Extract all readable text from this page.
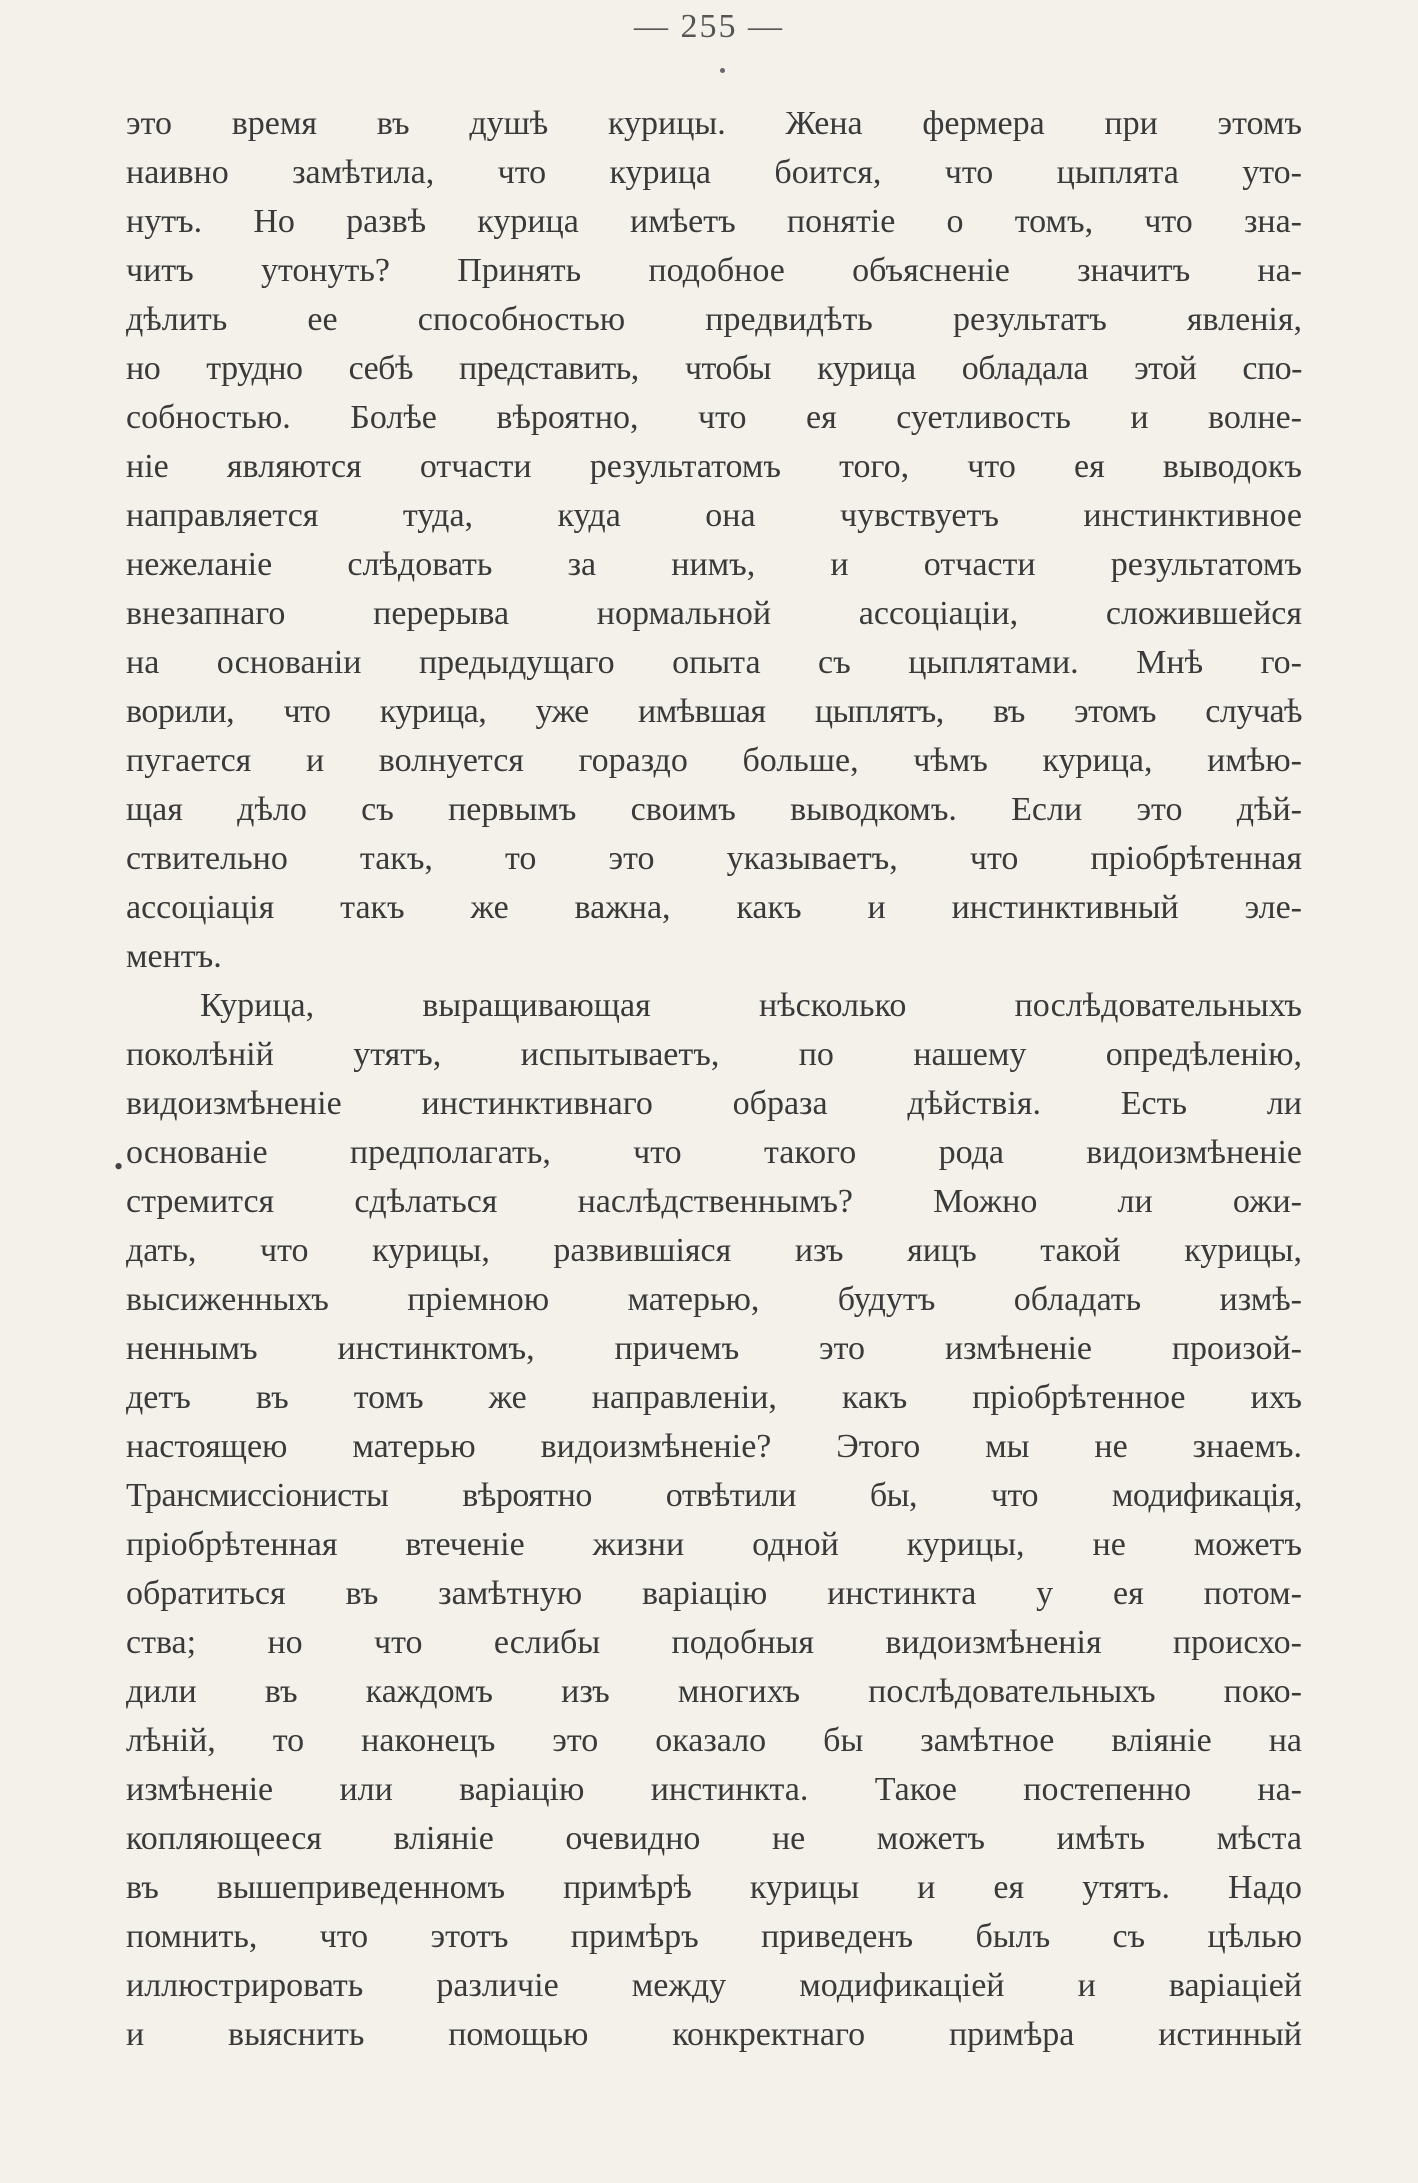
— 255 —
это время въ душѣ курицы. Жена фермера при этомъ
наивно замѣтила, что курица боится, что цыплята уто-
нутъ. Но развѣ курица имѣетъ понятіе о томъ, что зна-
читъ утонуть? Принять подобное объясненіе значитъ на-
дѣлить ее способностью предвидѣть результатъ явленія,
но трудно себѣ представить, чтобы курица обладала этой спо-
собностью. Болѣе вѣроятно, что ея суетливость и волне-
ніе являются отчасти результатомъ того, что ея выводокъ
направляется туда, куда она чувствуетъ инстинктивное
нежеланіе слѣдовать за нимъ, и отчасти результатомъ
внезапнаго перерыва нормальной ассоціаціи, сложившейся
на основаніи предыдущаго опыта съ цыплятами. Мнѣ го-
ворили, что курица, уже имѣвшая цыплятъ, въ этомъ случаѣ
пугается и волнуется гораздо больше, чѣмъ курица, имѣю-
щая дѣло съ первымъ своимъ выводкомъ. Если это дѣй-
ствительно такъ, то это указываетъ, что пріобрѣтенная
ассоціація такъ же важна, какъ и инстинктивный эле-
ментъ.
Курица, выращивающая нѣсколько послѣдовательныхъ
поколѣній утятъ, испытываетъ, по нашему опредѣленію,
видоизмѣненіе инстинктивнаго образа дѣйствія. Есть ли
основаніе предполагать, что такого рода видоизмѣненіе
стремится сдѣлаться наслѣдственнымъ? Можно ли ожи-
дать, что курицы, развившіяся изъ яицъ такой курицы,
высиженныхъ пріемною матерью, будутъ обладать измѣ-
неннымъ инстинктомъ, причемъ это измѣненіе произой-
детъ въ томъ же направленіи, какъ пріобрѣтенное ихъ
настоящею матерью видоизмѣненіе? Этого мы не знаемъ.
Трансмиссіонисты вѣроятно отвѣтили бы, что модификація,
пріобрѣтенная втеченіе жизни одной курицы, не можетъ
обратиться въ замѣтную варіацію инстинкта у ея потом-
ства; но что еслибы подобныя видоизмѣненія происхо-
дили въ каждомъ изъ многихъ послѣдовательныхъ поко-
лѣній, то наконецъ это оказало бы замѣтное вліяніе на
измѣненіе или варіацію инстинкта. Такое постепенно на-
копляющееся вліяніе очевидно не можетъ имѣть мѣста
въ вышеприведенномъ примѣрѣ курицы и ея утятъ. Надо
помнить, что этотъ примѣръ приведенъ былъ съ цѣлью
иллюстрировать различіе между модификаціей и варіаціей
и выяснить помощью конкректнаго примѣра истинный
•
